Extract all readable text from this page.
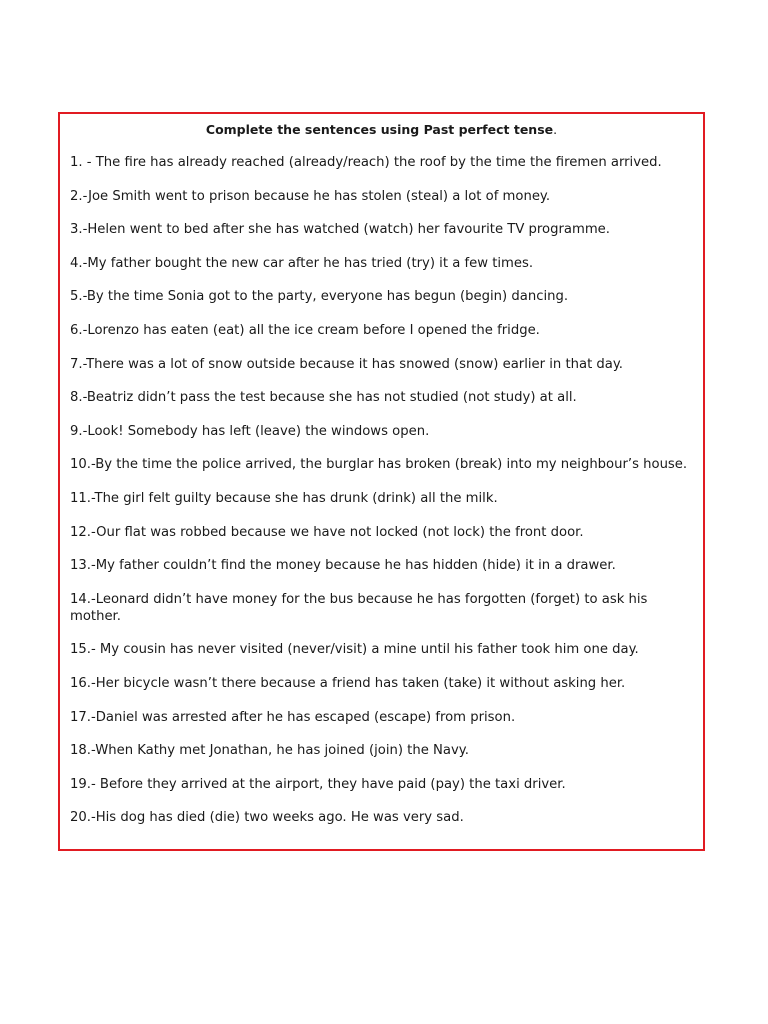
Complete the sentences using Past perfect tense.
1. - The fire has already reached (already/reach) the roof by the time the firemen arrived.
2.-Joe Smith went to prison because he has stolen (steal) a lot of money.
3.-Helen went to bed after she has watched (watch) her favourite TV programme.
4.-My father bought the new car after he has tried (try) it a few times.
5.-By the time Sonia got to the party, everyone has begun (begin) dancing.
6.-Lorenzo has eaten (eat) all the ice cream before I opened the fridge.
7.-There was a lot of snow outside because it has snowed (snow) earlier in that day.
8.-Beatriz didn’t pass the test because she has not studied (not study) at all.
9.-Look! Somebody has left (leave) the windows open.
10.-By the time the police arrived, the burglar has broken (break) into my neighbour’s house.
11.-The girl felt guilty because she has drunk (drink) all the milk.
12.-Our flat was robbed because we have not locked (not lock) the front door.
13.-My father couldn’t find the money because he has hidden (hide) it in a drawer.
14.-Leonard didn’t have money for the bus because he has forgotten (forget) to ask his mother.
15.- My cousin has never visited (never/visit) a mine until his father took him one day.
16.-Her bicycle wasn’t there because a friend has taken (take) it without asking her.
17.-Daniel was arrested after he has escaped (escape) from prison.
18.-When Kathy met Jonathan, he has joined (join) the Navy.
19.- Before they arrived at the airport, they have paid (pay) the taxi driver.
20.-His dog has died (die) two weeks ago. He was very sad.
